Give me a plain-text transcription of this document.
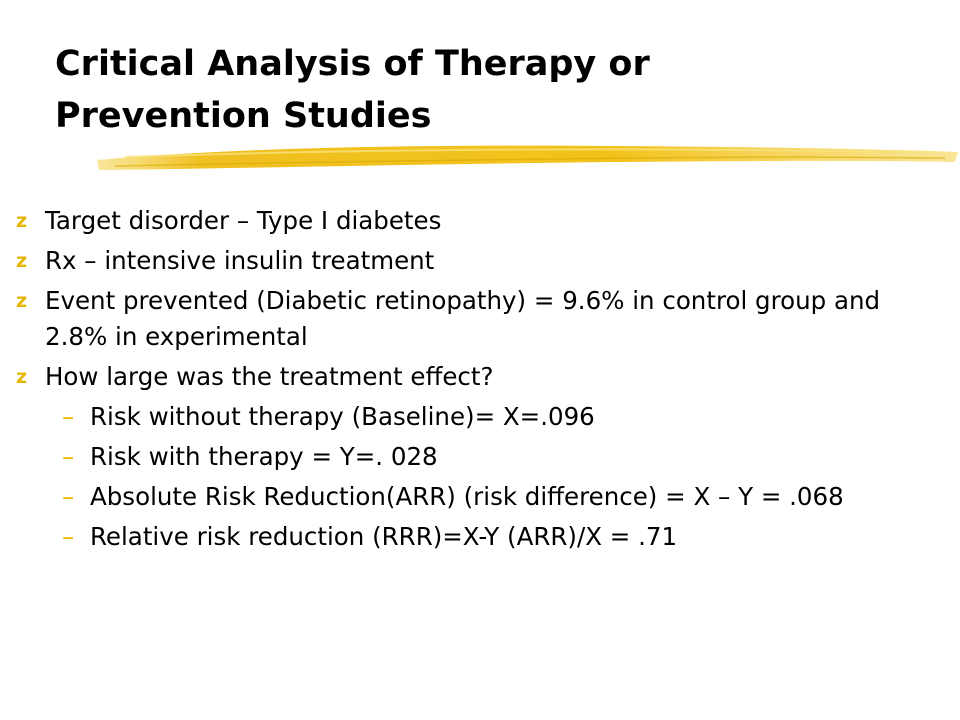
Critical Analysis of Therapy or
Prevention Studies
z Target disorder – Type I diabetes
z Rx – intensive insulin treatment
z Event prevented (Diabetic retinopathy) = 9.6% in control group and 2.8% in experimental
z How large was the treatment effect?
– Risk without therapy (Baseline)= X=.096
– Risk with therapy = Y=. 028
– Absolute Risk Reduction(ARR) (risk difference) = X – Y = .068
– Relative risk reduction (RRR)=X-Y (ARR)/X = .71
